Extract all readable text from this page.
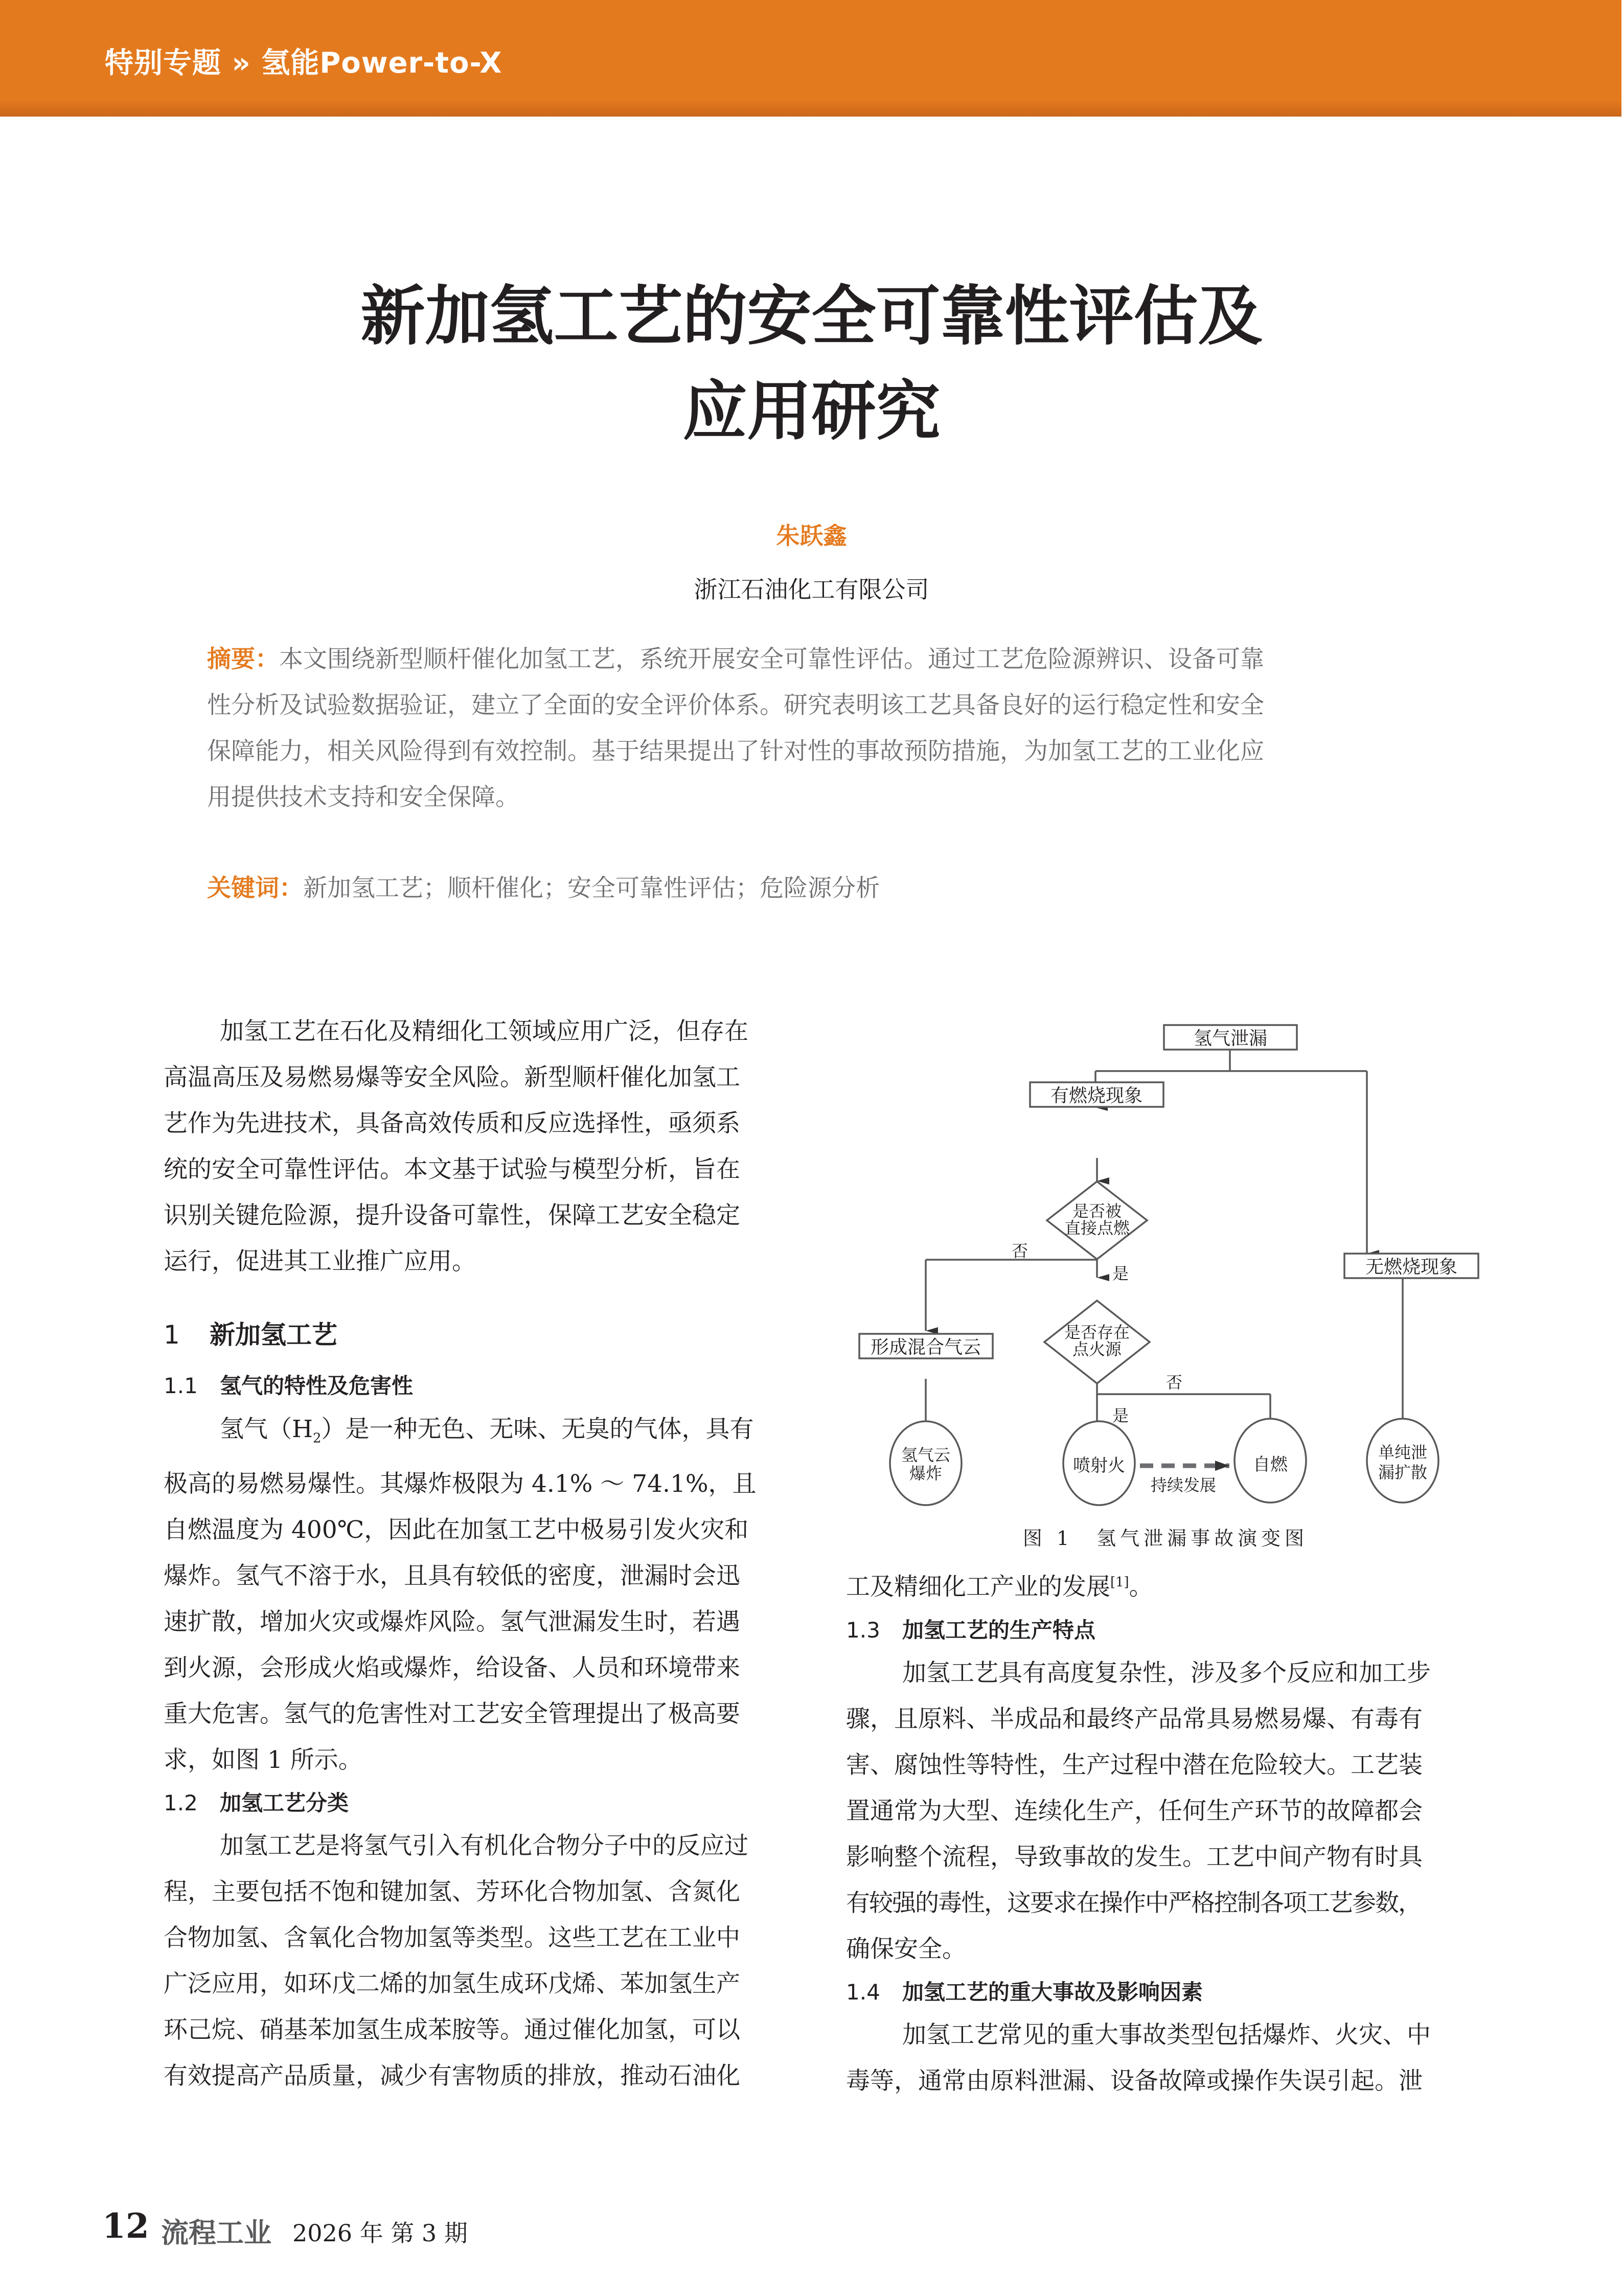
特别专题 » 氢能Power-to-X
新加氢工艺的安全可靠性评估及
应用研究
朱跃鑫
浙江石油化工有限公司
摘要：本文围绕新型顺杆催化加氢工艺，系统开展安全可靠性评估。通过工艺危险源辨识、设备可靠
性分析及试验数据验证，建立了全面的安全评价体系。研究表明该工艺具备良好的运行稳定性和安全
保障能力，相关风险得到有效控制。基于结果提出了针对性的事故预防措施，为加氢工艺的工业化应
用提供技术支持和安全保障。
关键词：新加氢工艺；顺杆催化；安全可靠性评估；危险源分析
加氢工艺在石化及精细化工领域应用广泛，但存在
高温高压及易燃易爆等安全风险。新型顺杆催化加氢工
艺作为先进技术，具备高效传质和反应选择性，亟须系
统的安全可靠性评估。本文基于试验与模型分析，旨在
识别关键危险源，提升设备可靠性，保障工艺安全稳定
运行，促进其工业推广应用。
1 新加氢工艺
1.1 氢气的特性及危害性
氢气$(H_2)$是一种无色、无味、无臭的气体，具有
极高的易燃易爆性。其爆炸极限为 4.1% ～ 74.1%，且
自燃温度为 400℃，因此在加氢工艺中极易引发火灾和
爆炸。氢气不溶于水，且具有较低的密度，泄漏时会迅
速扩散，增加火灾或爆炸风险。氢气泄漏发生时，若遇
到火源，会形成火焰或爆炸，给设备、人员和环境带来
重大危害。氢气的危害性对工艺安全管理提出了极高要
求，如图 1 所示。
1.2 加氢工艺分类
加氢工艺是将氢气引入有机化合物分子中的反应过
程，主要包括不饱和键加氢、芳环化合物加氢、含氮化
合物加氢、含氧化合物加氢等类型。这些工艺在工业中
广泛应用，如环戊二烯的加氢生成环戊烯、苯加氢生产
环己烷、硝基苯加氢生成苯胺等。通过催化加氢，可以
有效提高产品质量，减少有害物质的排放，推动石油化
氢气泄漏
有燃烧现象
无燃烧现象
是否被
直接点燃
是否存在
点火源
形成混合气云
氢气云
爆炸	喷射火	自燃
单纯泄
漏扩散
否
是
否
是
持续发展
图 1　氢气泄漏事故演变图
工及精细化工产业的发展[1]。
1.3 加氢工艺的生产特点
加氢工艺具有高度复杂性，涉及多个反应和加工步
骤，且原料、半成品和最终产品常具易燃易爆、有毒有
害、腐蚀性等特性，生产过程中潜在危险较大。工艺装
置通常为大型、连续化生产，任何生产环节的故障都会
影响整个流程，导致事故的发生。工艺中间产物有时具
有较强的毒性，这要求在操作中严格控制各项工艺参数，
确保安全。
1.4 加氢工艺的重大事故及影响因素
加氢工艺常见的重大事故类型包括爆炸、火灾、中
毒等，通常由原料泄漏、设备故障或操作失误引起。泄
12 流程工业 2026 年 第 3 期
